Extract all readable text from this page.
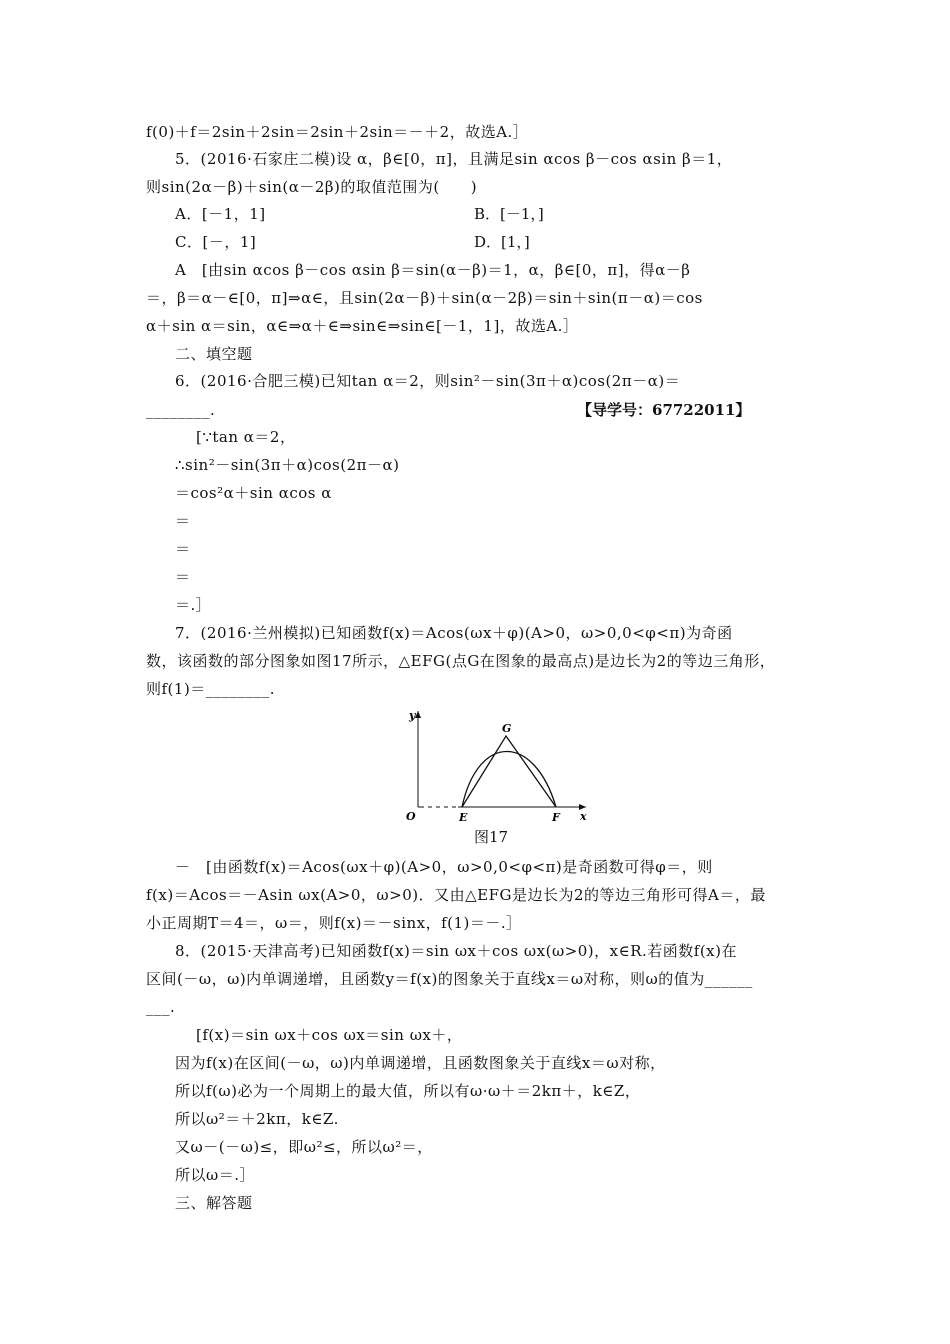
f(0)＋f＝2sin＋2sin＝2sin＋2sin＝－＋2，故选A.］
5．(2016·石家庄二模)设 α，β∈[0，π]，且满足sin αcos β－cos αsin β＝1，
则sin(2α－β)＋sin(α－2β)的取值范围为(　　)
A．[－1，1]	B．[－1，]
C．[－，1]	D．[1，]
A　[由sin αcos β－cos αsin β＝sin(α－β)＝1，α，β∈[0，π]，得α－β
＝，β＝α－∈[0，π]⇒α∈，且sin(2α－β)＋sin(α－2β)＝sin＋sin(π－α)＝cos
α＋sin α＝sin，α∈⇒α＋∈⇒sin∈⇒sin∈[－1，1]，故选A.］
二、填空题
6．(2016·合肥三模)已知tan α＝2，则sin²－sin(3π＋α)cos(2π－α)＝
________.	【导学号：67722011】
[∵tan α＝2，
∴sin²－sin(3π＋α)cos(2π－α)
＝cos²α＋sin αcos α
＝
＝
＝
＝.］
7．(2016·兰州模拟)已知函数f(x)＝Acos(ωx＋φ)(A>0，ω>0,0<φ<π)为奇函
数，该函数的部分图象如图17所示，△EFG(点G在图象的最高点)是边长为2的等边三角形，
则f(1)＝________.
y
x
O	E	F
G
图17
－　[由函数f(x)＝Acos(ωx＋φ)(A>0，ω>0,0<φ<π)是奇函数可得φ＝，则
f(x)＝Acos＝－Asin ωx(A>0，ω>0)．又由△EFG是边长为2的等边三角形可得A＝，最
小正周期T＝4＝，ω＝，则f(x)＝－sinx，f(1)＝－.］
8．(2015·天津高考)已知函数f(x)＝sin ωx＋cos ωx(ω>0)，x∈R.若函数f(x)在
区间(－ω，ω)内单调递增，且函数y＝f(x)的图象关于直线x＝ω对称，则ω的值为______
___.
[f(x)＝sin ωx＋cos ωx＝sin ωx＋，
因为f(x)在区间(－ω，ω)内单调递增，且函数图象关于直线x＝ω对称，
所以f(ω)必为一个周期上的最大值，所以有ω·ω＋＝2kπ＋，k∈Z，
所以ω²＝＋2kπ，k∈Z.
又ω－(－ω)≤，即ω²≤，所以ω²＝，
所以ω＝.］
三、解答题
